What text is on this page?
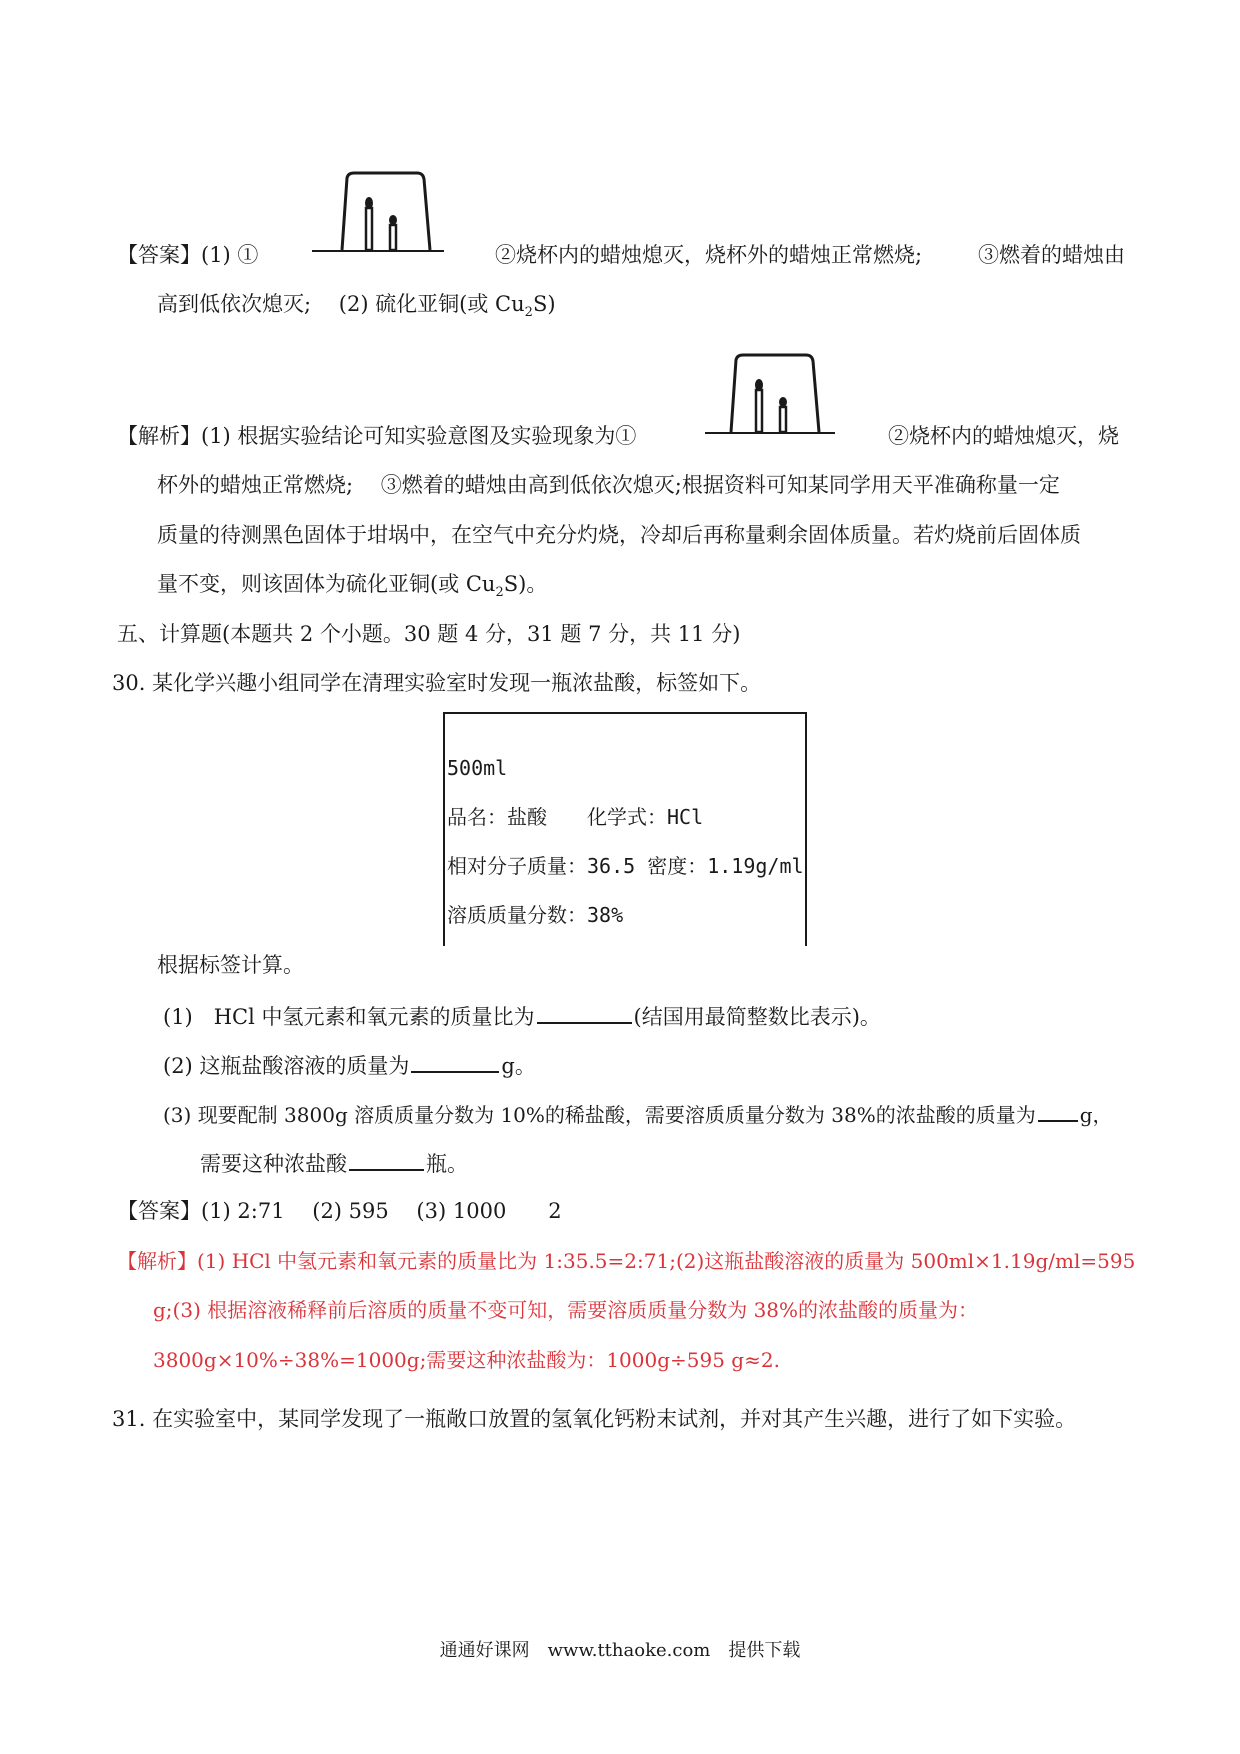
【答案】(1) ①	②烧杯内的蜡烛熄灭，烧杯外的蜡烛正常燃烧;	③燃着的蜡烛由
高到低依次熄灭;　 (2) 硫化亚铜(或 $Cu_2S$)
【解析】(1) 根据实验结论可知实验意图及实验现象为①	②烧杯内的蜡烛熄灭，烧
杯外的蜡烛正常燃烧;　 ③燃着的蜡烛由高到低依次熄灭;根据资料可知某同学用天平准确称量一定
质量的待测黑色固体于坩埚中，在空气中充分灼烧，冷却后再称量剩余固体质量。若灼烧前后固体质
量不变，则该固体为硫化亚铜(或 $Cu_2S$)。
五、计算题(本题共 2 个小题。30 题 4 分，31 题 7 分，共 11 分)
30. 某化学兴趣小组同学在清理实验室时发现一瓶浓盐酸，标签如下。
500ml
品名：盐酸　　化学式：HCl
相对分子质量：36.5 密度：1.19g/ml
溶质质量分数：38%
根据标签计算。
(1)　HCl 中氢元素和氧元素的质量比为	(结国用最简整数比表示)。
(2) 这瓶盐酸溶液的质量为	g。
(3) 现要配制 3800g 溶质质量分数为 10%的稀盐酸，需要溶质质量分数为 38%的浓盐酸的质量为 g，
需要这种浓盐酸	瓶。
【答案】(1) 2:71　 (2) 595　 (3) 1000　　2
【解析】(1) HCl 中氢元素和氧元素的质量比为 1:35.5=2:71;(2)这瓶盐酸溶液的质量为 500ml×1.19g/ml=595
g;(3) 根据溶液稀释前后溶质的质量不变可知，需要溶质质量分数为 38%的浓盐酸的质量为：
3800g×10%÷38%=1000g;需要这种浓盐酸为：1000g÷595 g≈2.
31. 在实验室中，某同学发现了一瓶敞口放置的氢氧化钙粉末试剂，并对其产生兴趣，进行了如下实验。
通通好课网　www.tthaoke.com　提供下载
